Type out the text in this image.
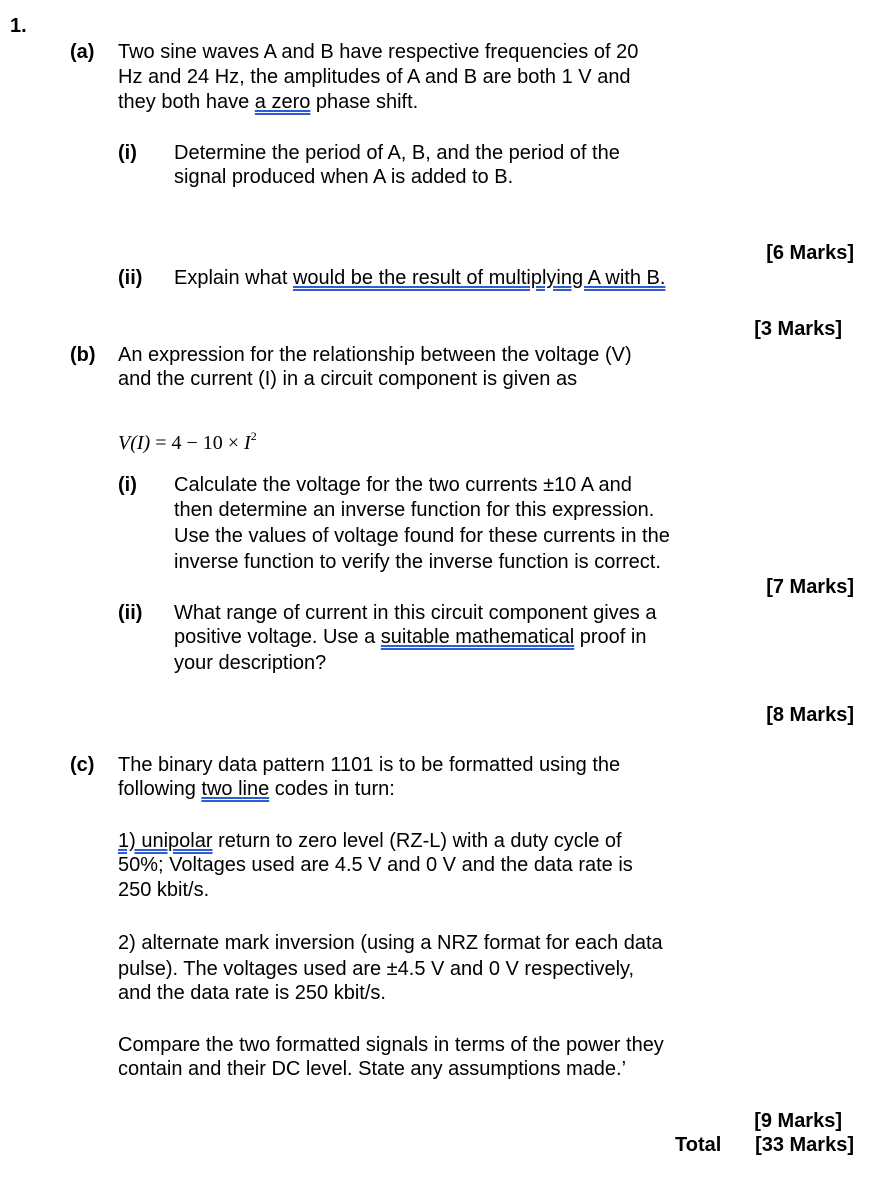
1.
(a) Two sine waves A and B have respective frequencies of 20
Hz and 24 Hz, the amplitudes of A and B are both 1 V and
they both have a zero phase shift.
(i) Determine the period of A, B, and the period of the
signal produced when A is added to B.
[6 Marks]
(ii) Explain what would be the result of multiplying A with B.
[3 Marks]
(b) An expression for the relationship between the voltage (V)
and the current (I) in a circuit component is given as
$V(I) = 4 - 10 \times I^2$
(i) Calculate the voltage for the two currents ±10 A and
then determine an inverse function for this expression.
Use the values of voltage found for these currents in the
inverse function to verify the inverse function is correct.
[7 Marks]
(ii) What range of current in this circuit component gives a
positive voltage. Use a suitable mathematical proof in
your description?
[8 Marks]
(c) The binary data pattern 1101 is to be formatted using the
following two line codes in turn:
1) unipolar return to zero level (RZ-L) with a duty cycle of
50%; Voltages used are 4.5 V and 0 V and the data rate is
250 kbit/s.
2) alternate mark inversion (using a NRZ format for each data
pulse). The voltages used are ±4.5 V and 0 V respectively,
and the data rate is 250 kbit/s.
Compare the two formatted signals in terms of the power they
contain and their DC level. State any assumptions made.’
[9 Marks]
Total [33 Marks]
